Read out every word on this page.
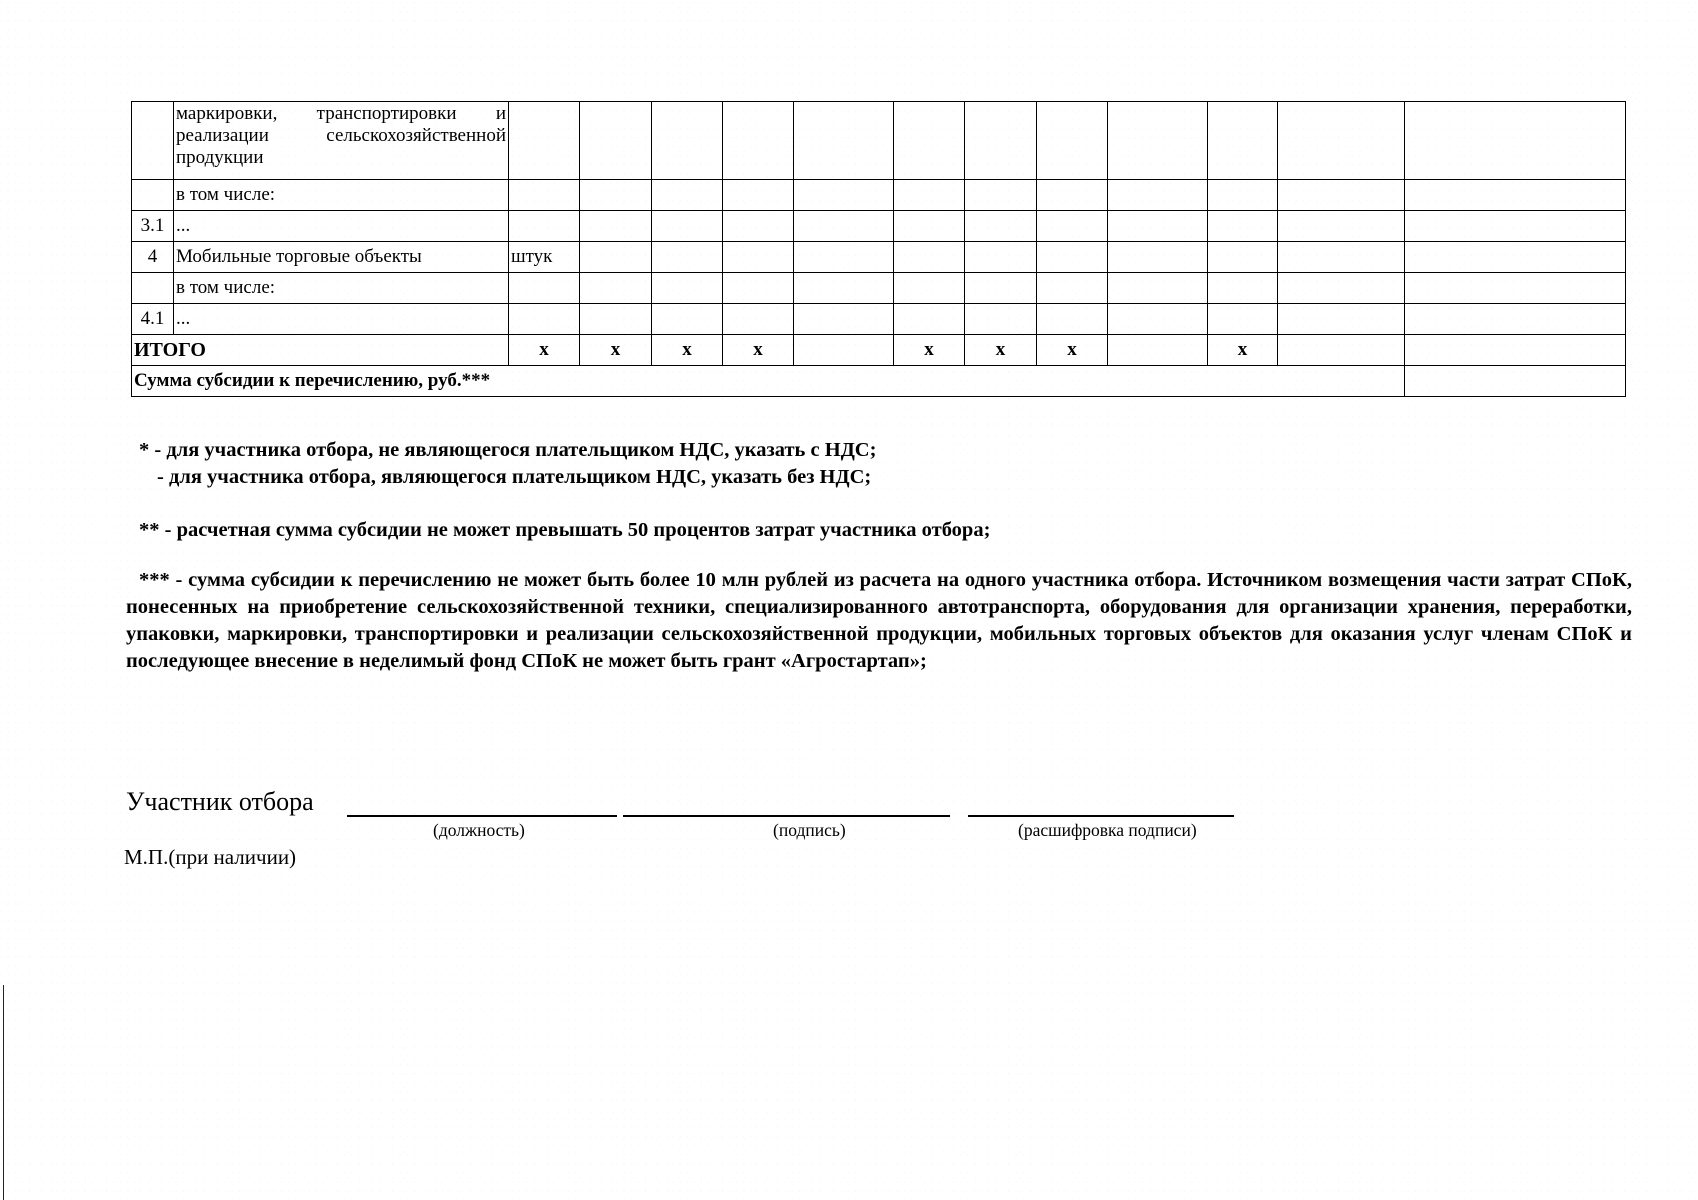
	маркировки, транспортировки и реализации сельскохозяйственной продукции												
	в том числе:												
3.1	...												
4	Мобильные торговые объекты	штук											
	в том числе:												
4.1	...												
ИТОГО		x	x	x	x		x	x	x		x		
Сумма субсидии к перечислению, руб.***													
* - для участника отбора, не являющегося плательщиком НДС, указать с НДС;
- для участника отбора, являющегося плательщиком НДС, указать без НДС;
** - расчетная сумма субсидии не может превышать 50 процентов затрат участника отбора;
*** - сумма субсидии к перечислению не может быть более 10 млн рублей из расчета на одного участника отбора. Источником возмещения части затрат СПоК, понесенных на приобретение сельскохозяйственной техники, специализированного автотранспорта, оборудования для организации хранения, переработки, упаковки, маркировки, транспортировки и реализации сельскохозяйственной продукции, мобильных торговых объектов для оказания услуг членам СПоК и последующее внесение в неделимый фонд СПоК не может быть грант «Агростартап»;
Участник отбора
(должность)	(подпись)	(расшифровка подписи)
М.П.(при наличии)
